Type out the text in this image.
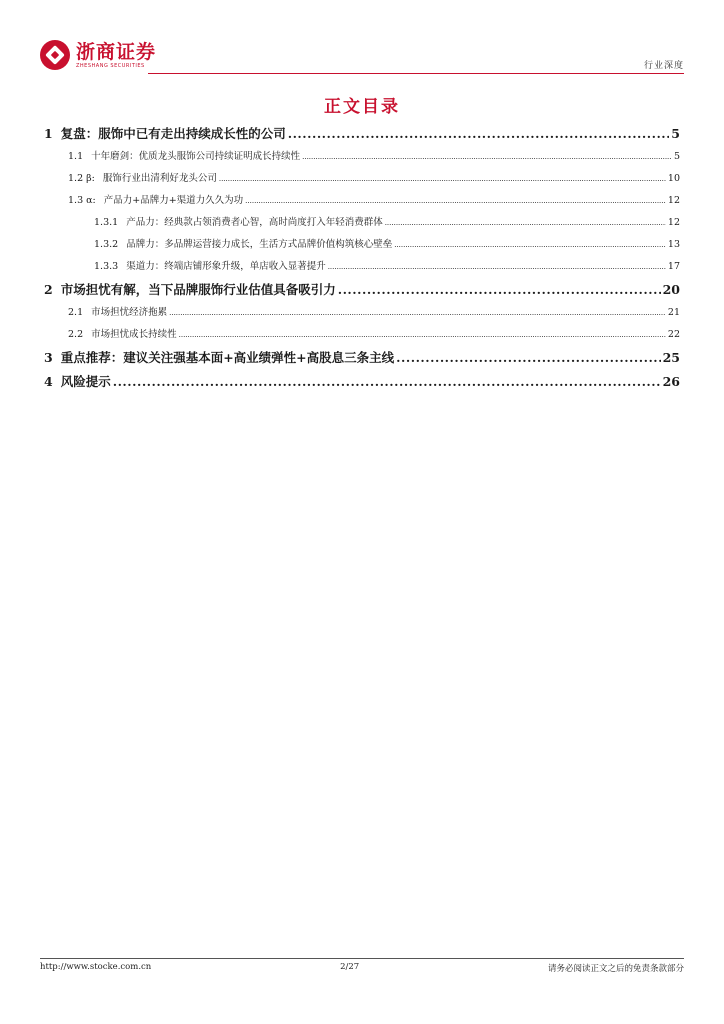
浙商证券
ZHESHANG SECURITIES	行业深度
正文目录
1 复盘：服饰中已有走出持续成长性的公司 .....	5
1.1 十年磨剑：优质龙头服饰公司持续证明成长持续性 .....	5
1.2 β: 服饰行业出清利好龙头公司 .....	10
1.3 α: 产品力+品牌力+渠道力久久为功 .....	12
1.3.1 产品力：经典款占领消费者心智，高时尚度打入年轻消费群体 .....	12
1.3.2 品牌力：多品牌运营接力成长，生活方式品牌价值构筑核心壁垒 .....	13
1.3.3 渠道力：终端店铺形象升级，单店收入显著提升 .....	17
2 市场担忧有解，当下品牌服饰行业估值具备吸引力 .....	20
2.1 市场担忧经济拖累 .....	21
2.2 市场担忧成长持续性 .....	22
3 重点推荐：建议关注强基本面+高业绩弹性+高股息三条主线 .....	25
4 风险提示 .....	26
http://www.stocke.com.cn	2/27	请务必阅读正文之后的免责条款部分
